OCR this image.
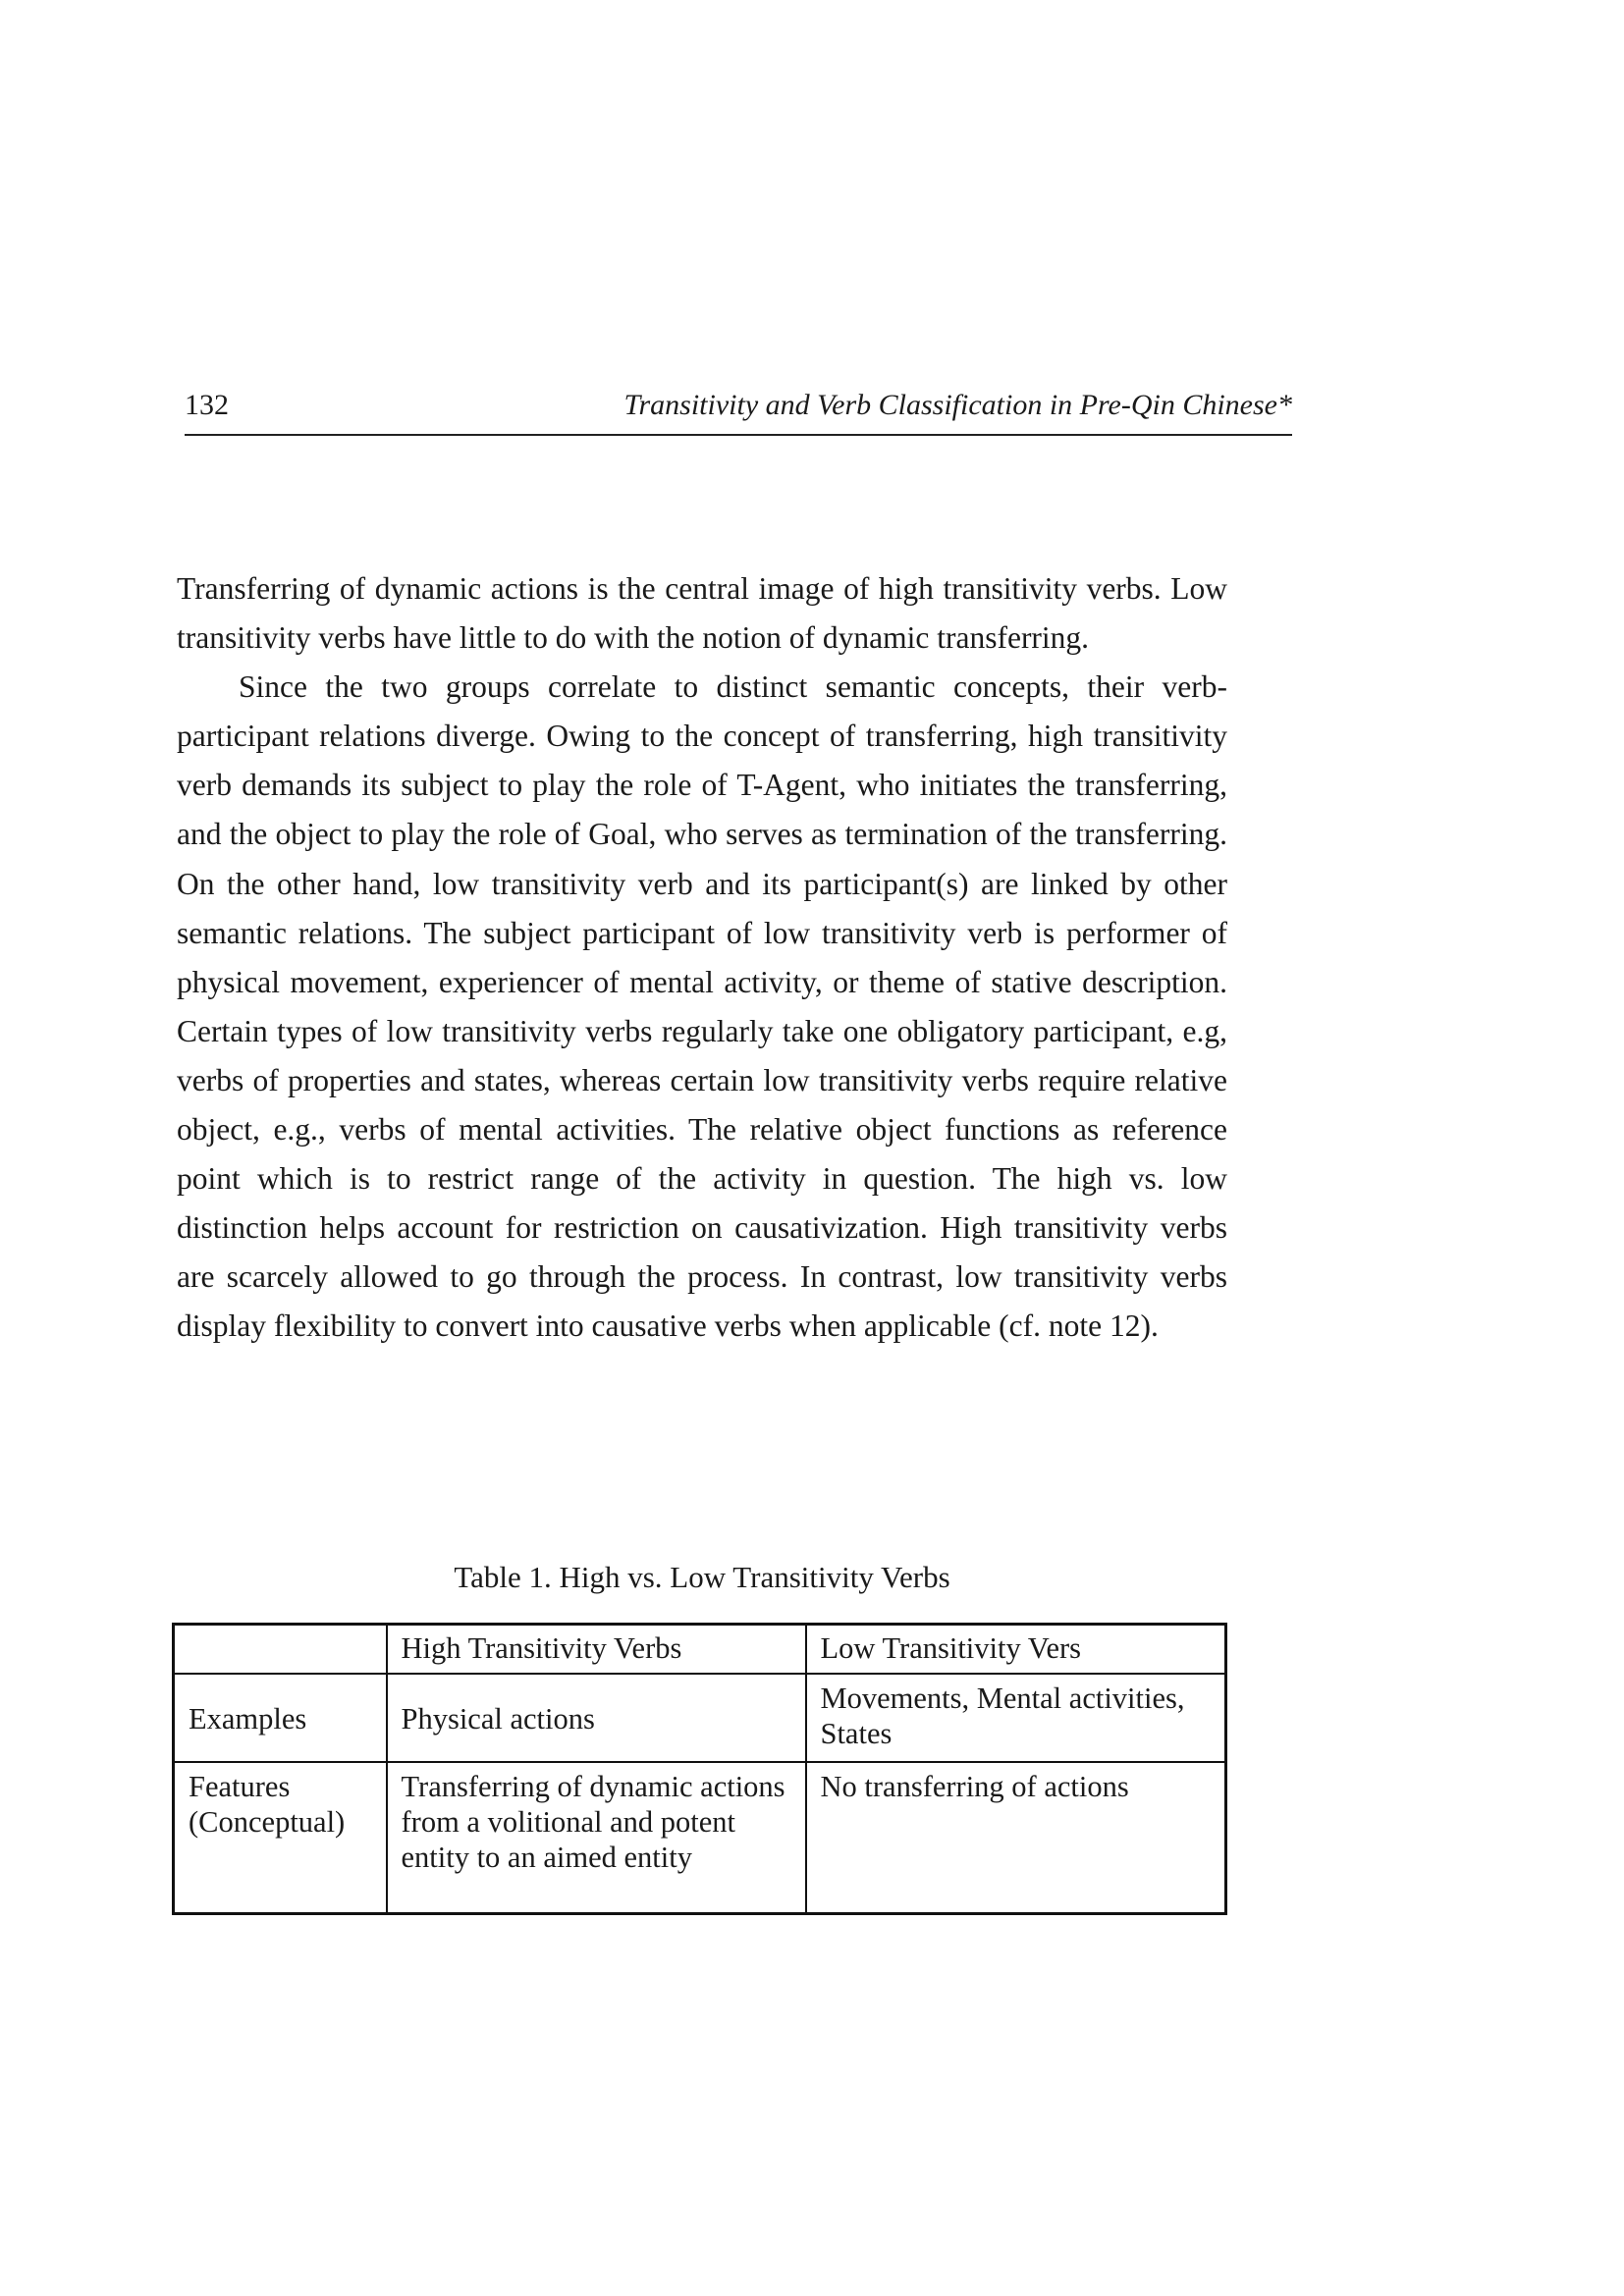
132	Transitivity and Verb Classification in Pre-Qin Chinese*

Transferring of dynamic actions is the central image of high transitivity verbs. Low transitivity verbs have little to do with the notion of dynamic transferring.

Since the two groups correlate to distinct semantic concepts, their verb-participant relations diverge. Owing to the concept of transferring, high transitivity verb demands its subject to play the role of T-Agent, who initiates the transferring, and the object to play the role of Goal, who serves as termination of the transferring. On the other hand, low transitivity verb and its participant(s) are linked by other semantic relations. The subject participant of low transitivity verb is performer of physical movement, experiencer of mental activity, or theme of stative description. Certain types of low transitivity verbs regularly take one obligatory participant, e.g, verbs of properties and states, whereas certain low transitivity verbs require relative object, e.g., verbs of mental activities. The relative object functions as reference point which is to restrict range of the activity in question. The high vs. low distinction helps account for restriction on causativization. High transitivity verbs are scarcely allowed to go through the process. In contrast, low transitivity verbs display flexibility to convert into causative verbs when applicable (cf. note 12).

Table 1. High vs. Low Transitivity Verbs
	High Transitivity Verbs	Low Transitivity Vers
Examples	Physical actions	Movements, Mental activities, States
Features (Conceptual)	Transferring of dynamic actions from a volitional and potent entity to an aimed entity	No transferring of actions
